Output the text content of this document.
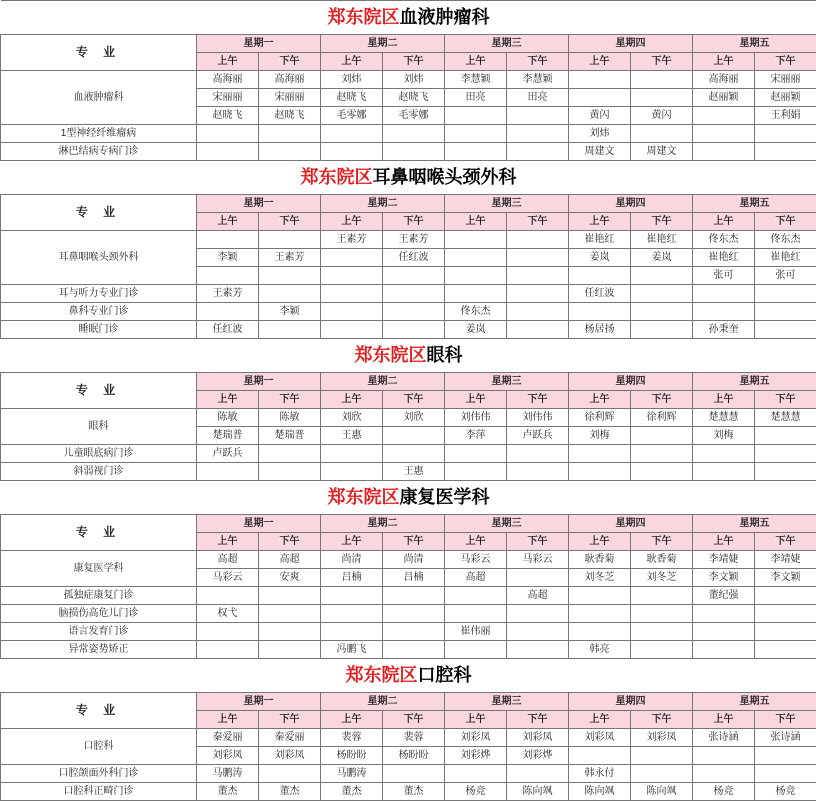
郑东院区血液肿瘤科										
专 业	星期一		星期二		星期三		星期四		星期五	
	上午	下午	上午	下午	上午	下午	上午	下午	上午	下午
血液肿瘤科	高海丽	高海丽	刘炜	刘炜	李慧颖	李慧颖			高海丽	宋丽丽
	宋丽丽	宋丽丽	赵晓飞	赵晓飞	田亮	田亮			赵丽颖	赵丽颖
	赵晓飞	赵晓飞	毛零娜	毛零娜			黄闪	黄闪		王利娟
1型神经纤维瘤病							刘炜			
淋巴结病专病门诊							周建文	周建文		
郑东院区耳鼻咽喉头颈外科										
专 业	星期一		星期二		星期三		星期四		星期五	
	上午	下午	上午	下午	上午	下午	上午	下午	上午	下午
耳鼻咽喉头颈外科			王素芳	王素芳			崔艳红	崔艳红	佟东杰	佟东杰
	李颖	王素芳		任红波			姜岚	姜岚	崔艳红	崔艳红
									张可	张可
耳与听力专业门诊	王素芳						任红波			
鼻科专业门诊		李颖			佟东杰					
睡眠门诊	任红波				姜岚		杨居扬		孙秉奎	
郑东院区眼科										
专 业	星期一		星期二		星期三		星期四		星期五	
	上午	下午	上午	下午	上午	下午	上午	下午	上午	下午
眼科	陈敏	陈敏	刘欣	刘欣	刘伟伟	刘伟伟	徐利辉	徐利辉	楚慧慧	楚慧慧
	楚瑞普	楚瑞普	王惠		李萍	卢跃兵	刘梅		刘梅	
儿童眼底病门诊	卢跃兵									
斜弱视门诊				王惠						
郑东院区康复医学科										
专 业	星期一		星期二		星期三		星期四		星期五	
	上午	下午	上午	下午	上午	下午	上午	下午	上午	下午
康复医学科	高超	高超	尚清	尚清	马彩云	马彩云	耿香菊	耿香菊	李靖婕	李靖婕
	马彩云	安爽	吕楠	吕楠	高超		刘冬芝	刘冬芝	李文颖	李文颖
孤独症康复门诊						高超			董纪强	
脑损伤高危儿门诊	权弋									
语言发育门诊					崔伟丽					
异常姿势矫正			冯鹏飞				韩亮			
郑东院区口腔科										
专 业	星期一		星期二		星期三		星期四		星期五	
	上午	下午	上午	下午	上午	下午	上午	下午	上午	下午
口腔科	秦爱丽	秦爱丽	裴蓉	裴蓉	刘彩凤	刘彩凤	刘彩凤	刘彩凤	张诗涵	张诗涵
	刘彩凤	刘彩凤	杨盼盼	杨盼盼	刘彩烨	刘彩烨				
口腔颌面外科门诊	马鹏涛		马鹏涛				韩永付			
口腔科正畸门诊	董杰	董杰	董杰	董杰	杨竞	陈向飒	陈向飒	陈向飒	杨竞	杨竞
